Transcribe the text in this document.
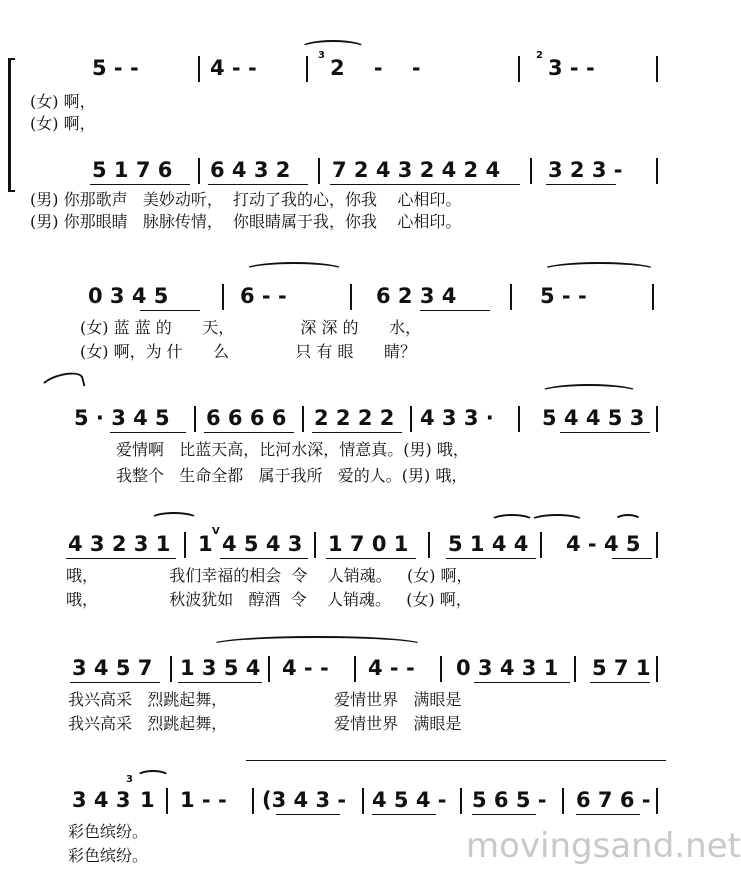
5 - -	4 - -
3
2    -    -
2
3 - -
(女) 啊，
(女) 啊，
5 1 7 6 6 4 3 2 7 2 4 3 2 4 2 4 3 2 3 -
(男) 你那歌声   美妙动听，  打动了我的心，你我    心相印。
(男) 你那眼睛   脉脉传情，  你眼睛属于我，你我    心相印。
0 3 4 5	6 - -	6 2 3 4	5 - -
(女) 蓝 蓝 的      天，             深 深 的      水，
(女) 啊，为 什      么             只 有 眼      睛？
5 · 3 4 5 6 6 6 6 2 2 2 2 4 3 3 · 5 4 4 5 3
爱情啊   比蓝天高，比河水深，情意真。(男) 哦，
我整个   生命全都   属于我所   爱的人。(男) 哦，
4 3 2 3 1 1
V
4 5 4 3 1 7 0 1 5 1 4 4 4 - 4 5
哦，              我们幸福的相会  令    人销魂。   (女) 啊，
哦，              秋波犹如   醇酒  令    人销魂。   (女) 啊，
3 4 5 7 1 3 5 4 4 - - 4 - - 0 3 4 3 1 5 7 1
我兴高采   烈跳起舞，                     爱情世界   满眼是
我兴高采   烈跳起舞，                     爱情世界   满眼是
3 4 3
3
1 1 - - (3 4 3 - 4 5 4 - 5 6 5 - 6 7 6 -
彩色缤纷。
彩色缤纷。	movingsand.net
